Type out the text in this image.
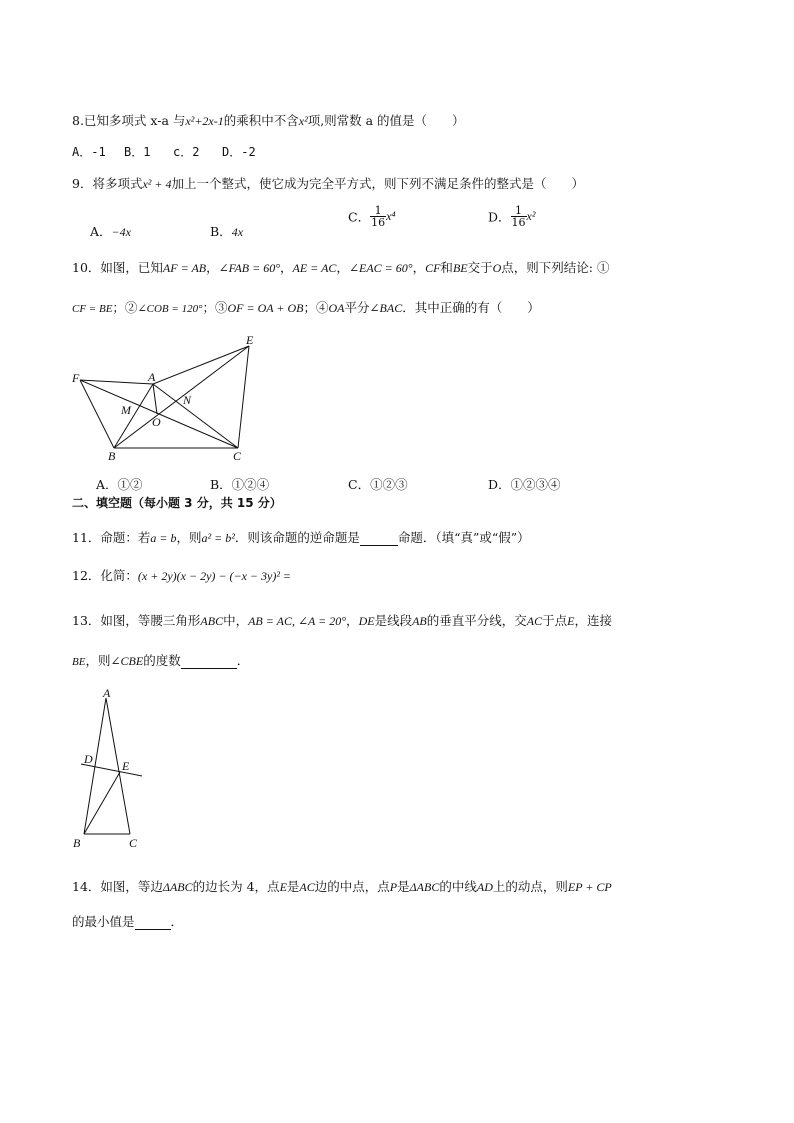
8.已知多项式 x-a 与x²+2x-1的乘积中不含x²项,则常数 a 的值是（　　）
A．-1 B．1 c．2 D．-2
9．将多项式x² + 4加上一个整式，使它成为完全平方式，则下列不满足条件的整式是（　　）
A．−4x	B．4x
C． $\frac{1}{16} x^4$	D． $\frac{1}{16} x^2$
10．如图，已知AF = AB，∠FAB = 60°，AE = AC，∠EAC = 60°，CF和BE交于O点，则下列结论: ①
CF = BE；②∠COB = 120°；③OF = OA + OB；④OA平分∠BAC．其中正确的有（　　）
E
F	A
M
N
O
B	C
A．①②	B．①②④	C．①②③	D．①②③④
二、填空题（每小题 3 分，共 15 分）
11．命题：若a = b，则a² = b²．则该命题的逆命题是	命题．（填“真”或“假”）
12．化简：(x + 2y)(x − 2y) − (−x − 3y)² =
13．如图，等腰三角形ABC中，AB = AC, ∠A = 20°，DE是线段AB的垂直平分线，交AC于点E，连接
BE，则∠CBE的度数	．
A
D E
B	C
14．如图，等边ΔABC的边长为 4，点E是AC边的中点，点P是ΔABC的中线AD上的动点，则EP + CP
的最小值是	．
